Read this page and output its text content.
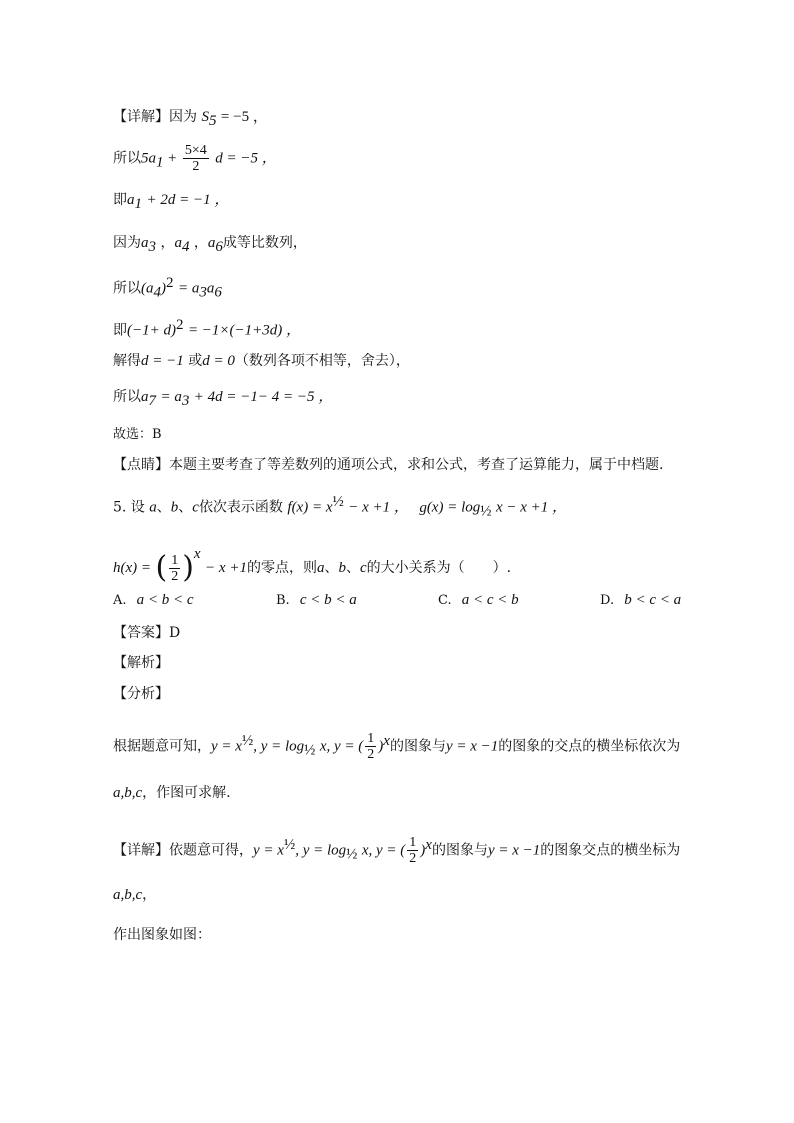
【详解】因为 $S_5 = -5$ ，
所以$5a_1 + \frac{5\times 4}{2}$ d = −5 ，
即$a_1 + 2d = -1$ ，
因为$a_3$ ，$a_4$ ，$a_6$成等比数列，
所以$(a_4)^2 = a_3a_6$
即$(-1+ d)^2 = -1\times(-1+3d)$ ，
解得d = −1 或d = 0（数列各项不相等，舍去），
所以$a_7 = a_3 + 4d = -1- 4 = -5$ ，
故选：B
【点睛】本题主要考查了等差数列的通项公式，求和公式，考查了运算能力，属于中档题.
5. 设 a、b、c依次表示函数 $f(x) = x^{\frac{1}{2}} - x +1$ ， $g(x) = \log_{\frac{1}{2}} x - x +1$ ，
h(x) = ( $\frac{1}{2} )^x - x +1$的零点，则a、b、c的大小关系为（　　）.
A. a < b < c	B. c < b < a	C. a < c < b	D. b < c < a
【答案】D
【解析】
【分析】
根据题意可知，$y = x^{\frac{1}{2}}$, $y = \log_{\frac{1}{2}} x$, y = ( $\frac{1}{2} )^x$的图象与y = x −1的图象的交点的横坐标依次为
a,b,c，作图可求解.
【详解】依题意可得，$y = x^{\frac{1}{2}}$, $y = \log_{\frac{1}{2}} x$, y = ( $\frac{1}{2} )^x$的图象与y = x −1的图象交点的横坐标为
a,b,c，
作出图象如图：
